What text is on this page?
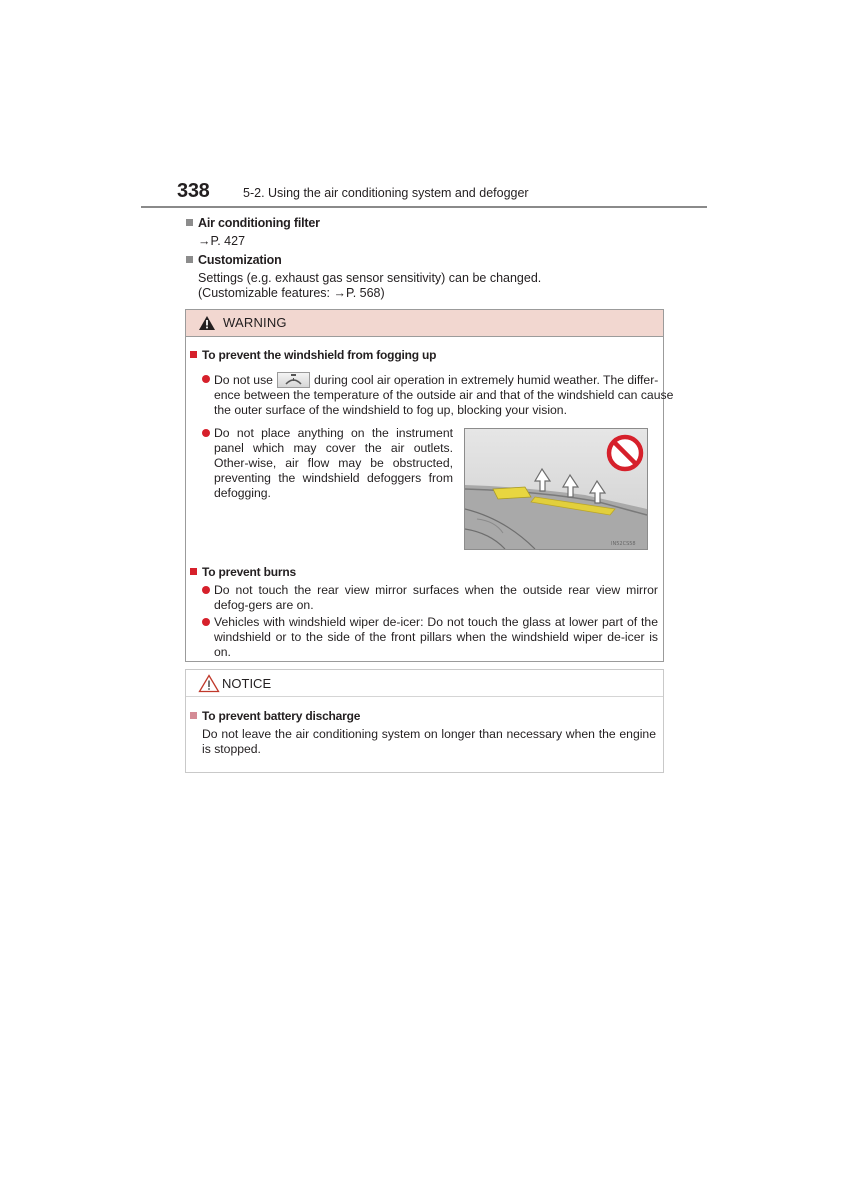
338	5-2. Using the air conditioning system and defogger
Air conditioning filter
→P. 427
Customization
Settings (e.g. exhaust gas sensor sensitivity) can be changed.
(Customizable features: →P. 568)
WARNING
To prevent the windshield from fogging up
Do not use	during cool air operation in extremely humid weather. The differ-
ence between the temperature of the outside air and that of the windshield can cause
the outer surface of the windshield to fog up, blocking your vision.
Do not place anything on the instrument panel which may cover the air outlets. Other-wise, air flow may be obstructed, preventing the windshield defoggers from defogging.
To prevent burns
Do not touch the rear view mirror surfaces when the outside rear view mirror defog-gers are on.
Vehicles with windshield wiper de-icer: Do not touch the glass at lower part of the windshield or to the side of the front pillars when the windshield wiper de-icer is on.
IN52CS58
NOTICE
To prevent battery discharge
Do not leave the air conditioning system on longer than necessary when the engine is stopped.
